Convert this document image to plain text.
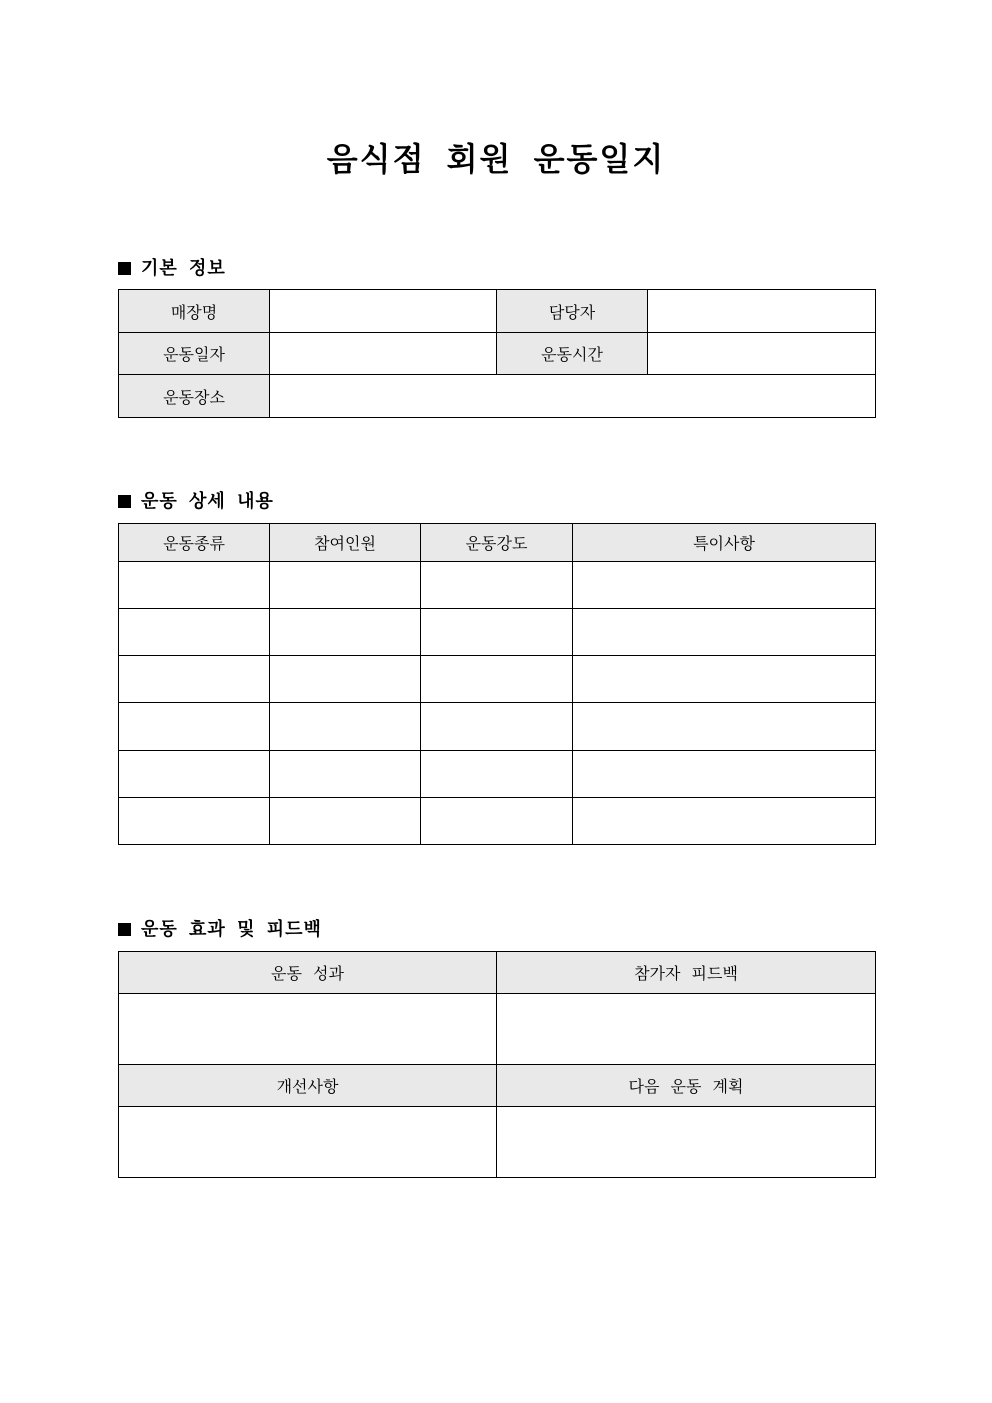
음식점 회원 운동일지
기본 정보
매장명		담당자	
운동일자		운동시간	
운동장소			
운동 상세 내용
운동종류	참여인원	운동강도	특이사항

운동 효과 및 피드백
운동 성과	참가자 피드백

개선사항	다음 운동 계획
